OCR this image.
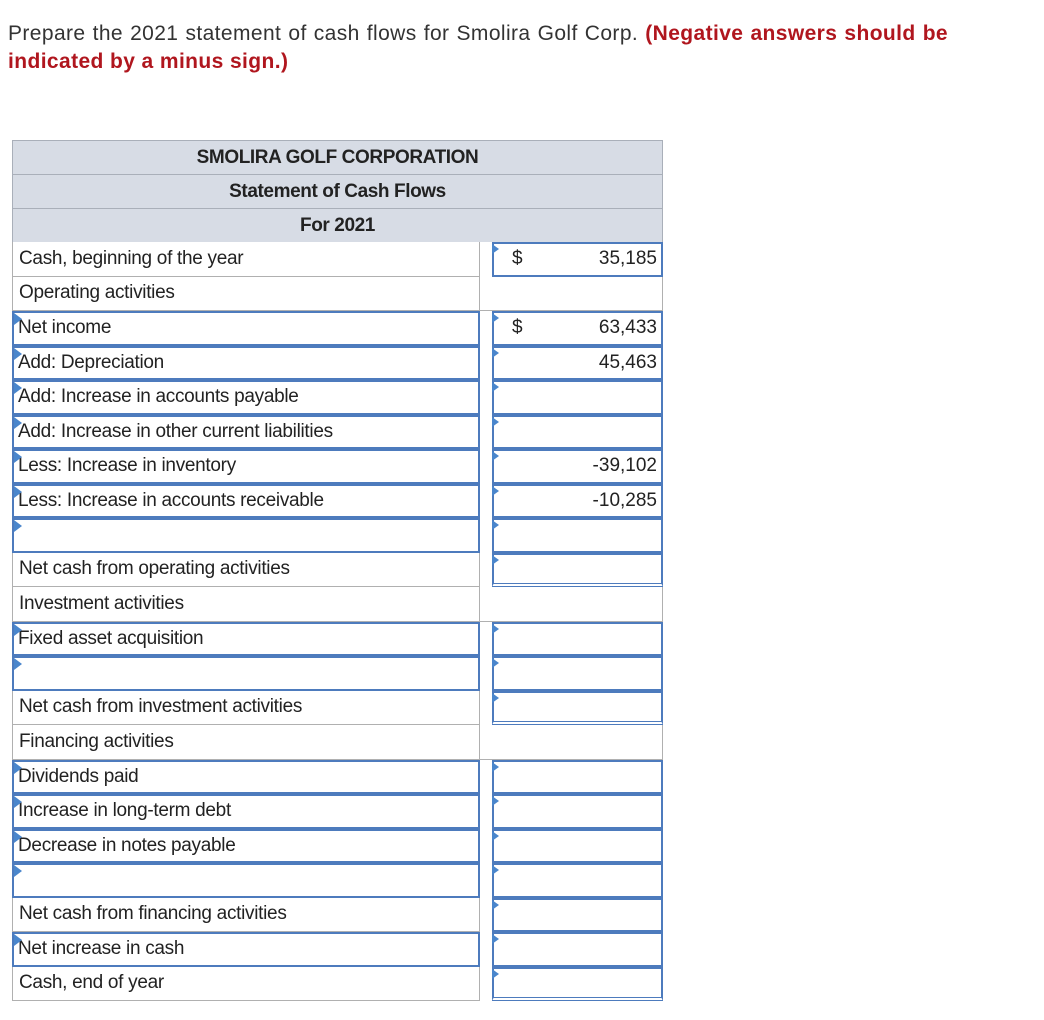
Prepare the 2021 statement of cash flows for Smolira Golf Corp. (Negative answers should be indicated by a minus sign.)
SMOLIRA GOLF CORPORATION
Statement of Cash Flows
For 2021
Cash, beginning of the year	$	35,185
Operating activities
Net income	$	63,433
Add: Depreciation	45,463
Add: Increase in accounts payable
Add: Increase in other current liabilities
Less: Increase in inventory	-39,102
Less: Increase in accounts receivable	-10,285
Net cash from operating activities
Investment activities
Fixed asset acquisition
Net cash from investment activities
Financing activities
Dividends paid
Increase in long-term debt
Decrease in notes payable
Net cash from financing activities
Net increase in cash
Cash, end of year
